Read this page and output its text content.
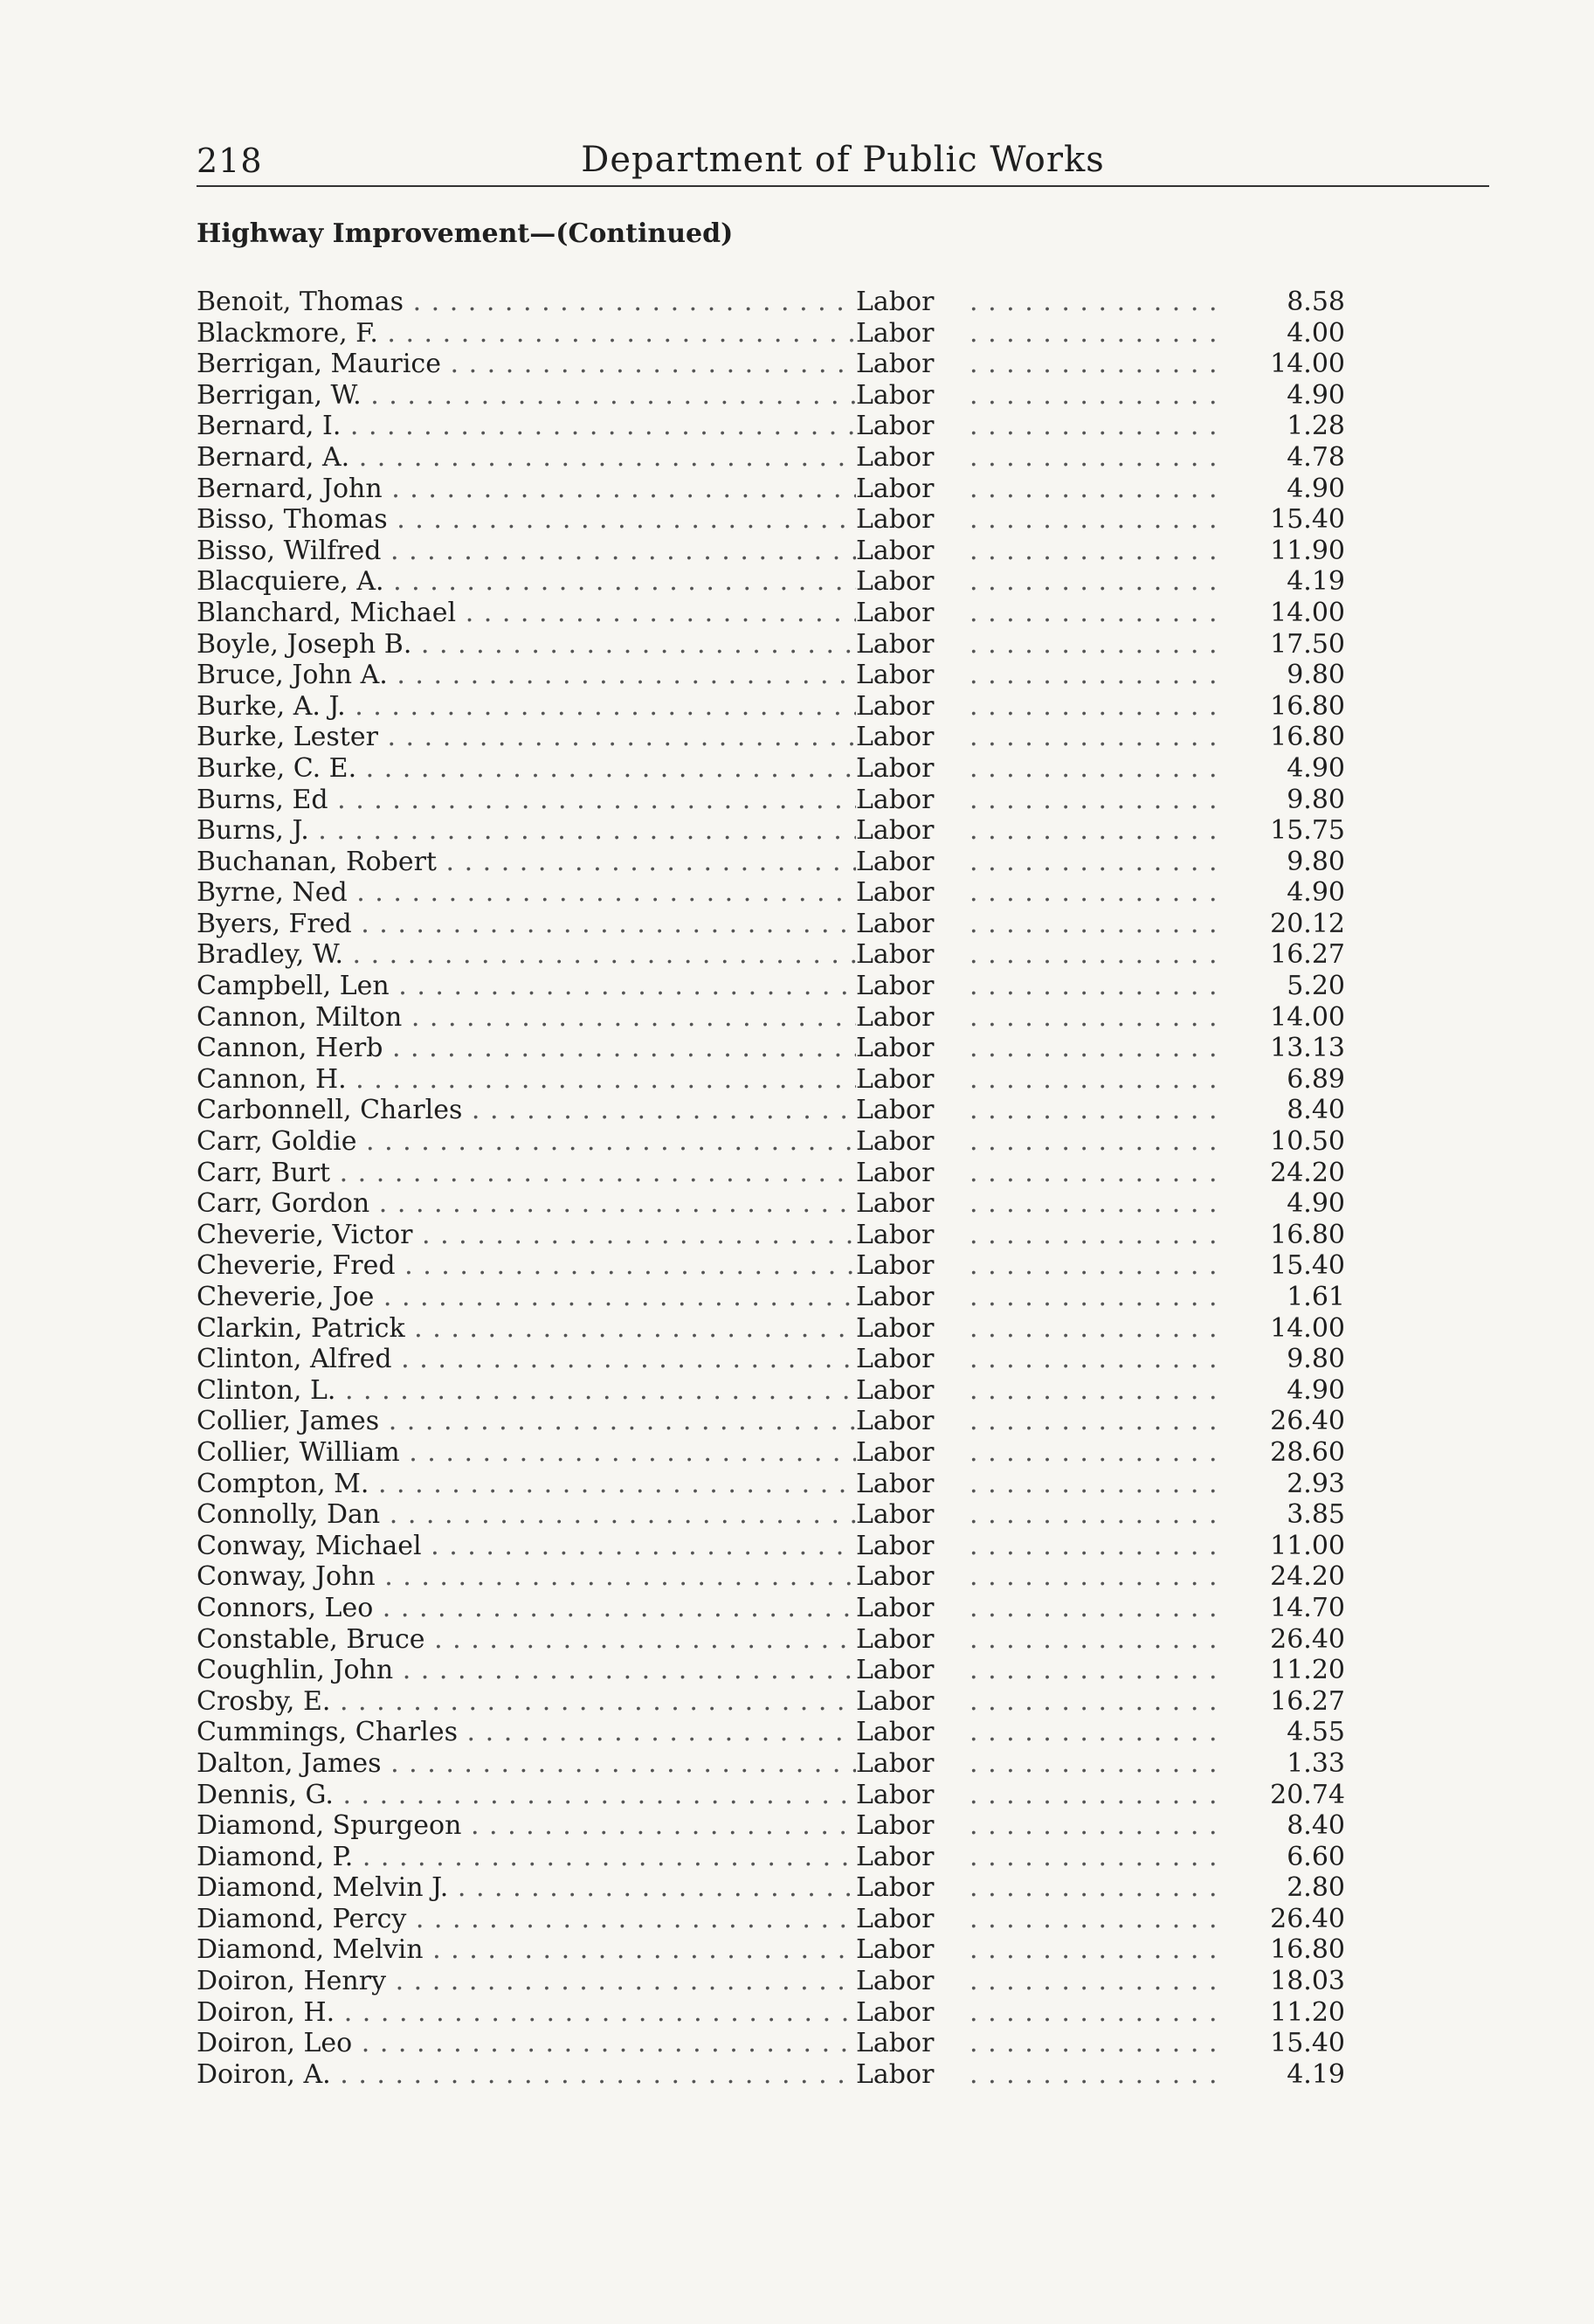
218	Department of Public Works
Highway Improvement—(Continued)
Benoit, Thomas . . .	Labor . . .	8.58
Blackmore, F. . . .	Labor . . .	4.00
Berrigan, Maurice . . .	Labor . . .	14.00
Berrigan, W. . . .	Labor . . .	4.90
Bernard, I. . . .	Labor . . .	1.28
Bernard, A. . . .	Labor . . .	4.78
Bernard, John . . .	Labor . . .	4.90
Bisso, Thomas . . .	Labor . . .	15.40
Bisso, Wilfred . . .	Labor . . .	11.90
Blacquiere, A. . . .	Labor . . .	4.19
Blanchard, Michael . . .	Labor . . .	14.00
Boyle, Joseph B. . . .	Labor . . .	17.50
Bruce, John A. . . .	Labor . . .	9.80
Burke, A. J. . . .	Labor . . .	16.80
Burke, Lester . . .	Labor . . .	16.80
Burke, C. E. . . .	Labor . . .	4.90
Burns, Ed . . .	Labor . . .	9.80
Burns, J. . . .	Labor . . .	15.75
Buchanan, Robert . . .	Labor . . .	9.80
Byrne, Ned . . .	Labor . . .	4.90
Byers, Fred . . .	Labor . . .	20.12
Bradley, W. . . .	Labor . . .	16.27
Campbell, Len . . .	Labor . . .	5.20
Cannon, Milton . . .	Labor . . .	14.00
Cannon, Herb . . .	Labor . . .	13.13
Cannon, H. . . .	Labor . . .	6.89
Carbonnell, Charles . . .	Labor . . .	8.40
Carr, Goldie . . .	Labor . . .	10.50
Carr, Burt . . .	Labor . . .	24.20
Carr, Gordon . . .	Labor . . .	4.90
Cheverie, Victor . . .	Labor . . .	16.80
Cheverie, Fred . . .	Labor . . .	15.40
Cheverie, Joe . . .	Labor . . .	1.61
Clarkin, Patrick . . .	Labor . . .	14.00
Clinton, Alfred . . .	Labor . . .	9.80
Clinton, L. . . .	Labor . . .	4.90
Collier, James . . .	Labor . . .	26.40
Collier, William . . .	Labor . . .	28.60
Compton, M. . . .	Labor . . .	2.93
Connolly, Dan . . .	Labor . . .	3.85
Conway, Michael . . .	Labor . . .	11.00
Conway, John . . .	Labor . . .	24.20
Connors, Leo . . .	Labor . . .	14.70
Constable, Bruce . . .	Labor . . .	26.40
Coughlin, John . . .	Labor . . .	11.20
Crosby, E. . . .	Labor . . .	16.27
Cummings, Charles . . .	Labor . . .	4.55
Dalton, James . . .	Labor . . .	1.33
Dennis, G. . . .	Labor . . .	20.74
Diamond, Spurgeon . . .	Labor . . .	8.40
Diamond, P. . . .	Labor . . .	6.60
Diamond, Melvin J. . . .	Labor . . .	2.80
Diamond, Percy . . .	Labor . . .	26.40
Diamond, Melvin . . .	Labor . . .	16.80
Doiron, Henry . . .	Labor . . .	18.03
Doiron, H. . . .	Labor . . .	11.20
Doiron, Leo . . .	Labor . . .	15.40
Doiron, A. . . .	Labor . . .	4.19
